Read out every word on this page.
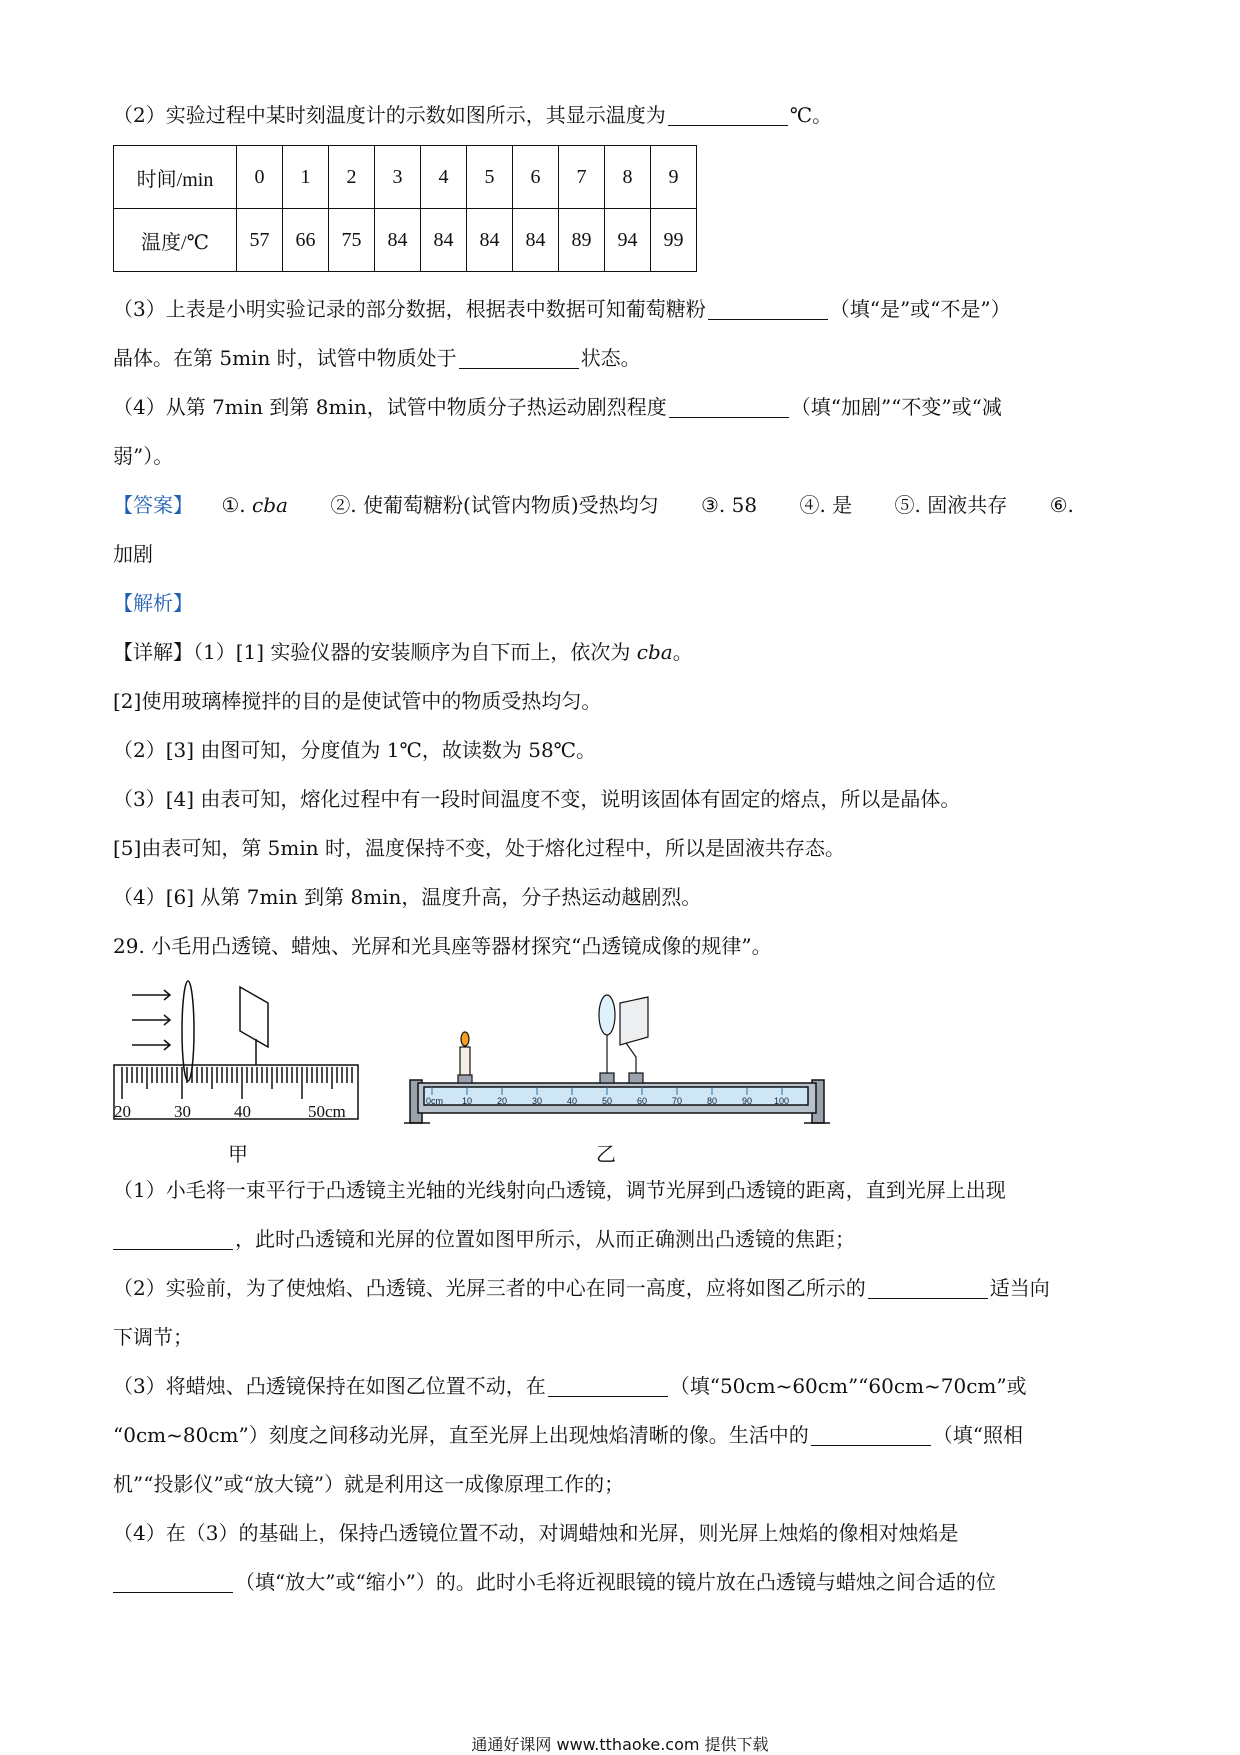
（2）实验过程中某时刻温度计的示数如图所示，其显示温度为	℃。
时间/min	0	1	2	3	4	5	6	7	8	9
温度/℃	57	66	75	84	84	84	84	89	94	99
（3）上表是小明实验记录的部分数据，根据表中数据可知葡萄糖粉	（填“是”或“不是”）
晶体。在第 5min 时，试管中物质处于	状态。
（4）从第 7min 到第 8min，试管中物质分子热运动剧烈程度	（填“加剧”“不变”或“减
弱”）。
【答案】 ①. cba ②. 使葡萄糖粉(试管内物质)受热均匀 ③. 58 ④. 是 ⑤. 固液共存 ⑥.
加剧
【解析】
【详解】（1）[1] 实验仪器的安装顺序为自下而上，依次为 cba。
[2]使用玻璃棒搅拌的目的是使试管中的物质受热均匀。
（2）[3] 由图可知，分度值为 1℃，故读数为 58℃。
（3）[4] 由表可知，熔化过程中有一段时间温度不变，说明该固体有固定的熔点，所以是晶体。
[5]由表可知，第 5min 时，温度保持不变，处于熔化过程中，所以是固液共存态。
（4）[6] 从第 7min 到第 8min，温度升高，分子热运动越剧烈。
29. 小毛用凸透镜、蜡烛、光屏和光具座等器材探究“凸透镜成像的规律”。
20	30	40	50cm
甲
0cm 10	20	30	40	50	60	70	80	90 100
乙
（1）小毛将一束平行于凸透镜主光轴的光线射向凸透镜，调节光屏到凸透镜的距离，直到光屏上出现
，此时凸透镜和光屏的位置如图甲所示，从而正确测出凸透镜的焦距；
（2）实验前，为了使烛焰、凸透镜、光屏三者的中心在同一高度，应将如图乙所示的	适当向
下调节；
（3）将蜡烛、凸透镜保持在如图乙位置不动，在	（填“50cm~60cm”“60cm~70cm”或
“0cm~80cm”）刻度之间移动光屏，直至光屏上出现烛焰清晰的像。生活中的	（填“照相
机”“投影仪”或“放大镜”）就是利用这一成像原理工作的；
（4）在（3）的基础上，保持凸透镜位置不动，对调蜡烛和光屏，则光屏上烛焰的像相对烛焰是
（填“放大”或“缩小”）的。此时小毛将近视眼镜的镜片放在凸透镜与蜡烛之间合适的位
通通好课网 www.tthaoke.com 提供下载
